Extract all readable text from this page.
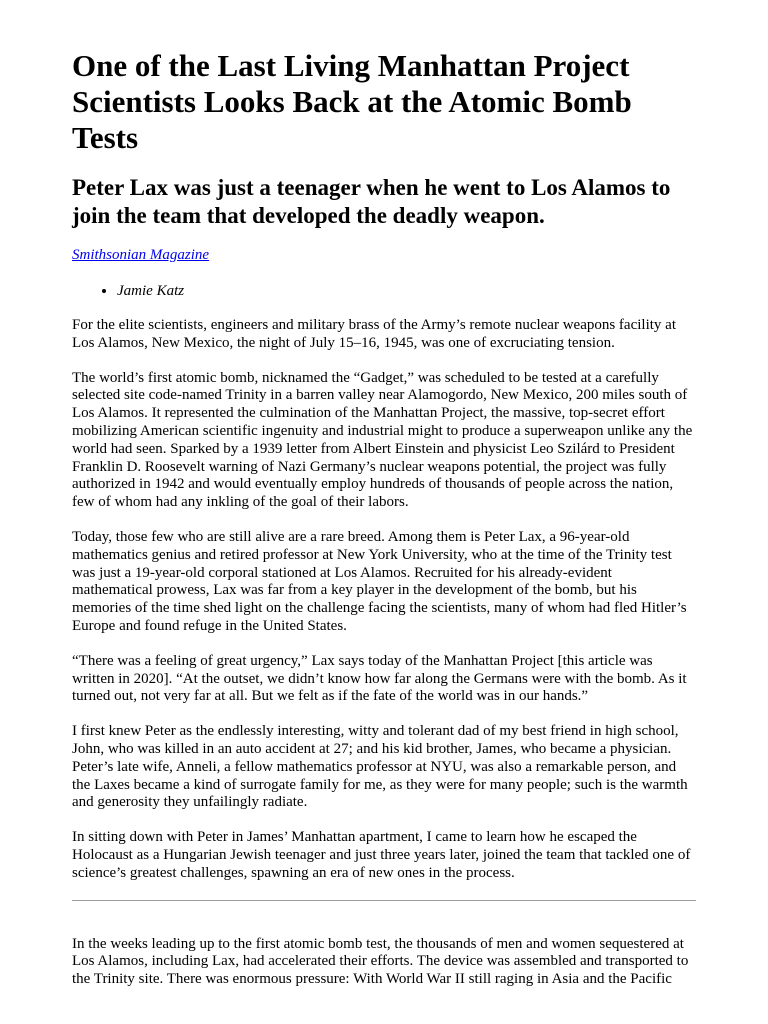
One of the Last Living Manhattan Project Scientists Looks Back at the Atomic Bomb Tests
Peter Lax was just a teenager when he went to Los Alamos to join the team that developed the deadly weapon.
Smithsonian Magazine
• Jamie Katz

For the elite scientists, engineers and military brass of the Army’s remote nuclear weapons facility at Los Alamos, New Mexico, the night of July 15–16, 1945, was one of excruciating tension.

The world’s first atomic bomb, nicknamed the “Gadget,” was scheduled to be tested at a carefully selected site code-named Trinity in a barren valley near Alamogordo, New Mexico, 200 miles south of Los Alamos. It represented the culmination of the Manhattan Project, the massive, top-secret effort mobilizing American scientific ingenuity and industrial might to produce a superweapon unlike any the world had seen. Sparked by a 1939 letter from Albert Einstein and physicist Leo Szilárd to President Franklin D. Roosevelt warning of Nazi Germany’s nuclear weapons potential, the project was fully authorized in 1942 and would eventually employ hundreds of thousands of people across the nation, few of whom had any inkling of the goal of their labors.

Today, those few who are still alive are a rare breed. Among them is Peter Lax, a 96-year-old mathematics genius and retired professor at New York University, who at the time of the Trinity test was just a 19-year-old corporal stationed at Los Alamos. Recruited for his already-evident mathematical prowess, Lax was far from a key player in the development of the bomb, but his memories of the time shed light on the challenge facing the scientists, many of whom had fled Hitler’s Europe and found refuge in the United States.

“There was a feeling of great urgency,” Lax says today of the Manhattan Project [this article was written in 2020]. “At the outset, we didn’t know how far along the Germans were with the bomb. As it turned out, not very far at all. But we felt as if the fate of the world was in our hands.”

I first knew Peter as the endlessly interesting, witty and tolerant dad of my best friend in high school, John, who was killed in an auto accident at 27; and his kid brother, James, who became a physician. Peter’s late wife, Anneli, a fellow mathematics professor at NYU, was also a remarkable person, and the Laxes became a kind of surrogate family for me, as they were for many people; such is the warmth and generosity they unfailingly radiate.

In sitting down with Peter in James’ Manhattan apartment, I came to learn how he escaped the Holocaust as a Hungarian Jewish teenager and just three years later, joined the team that tackled one of science’s greatest challenges, spawning an era of new ones in the process.

In the weeks leading up to the first atomic bomb test, the thousands of men and women sequestered at Los Alamos, including Lax, had accelerated their efforts. The device was assembled and transported to the Trinity site. There was enormous pressure: With World War II still raging in Asia and the Pacific
